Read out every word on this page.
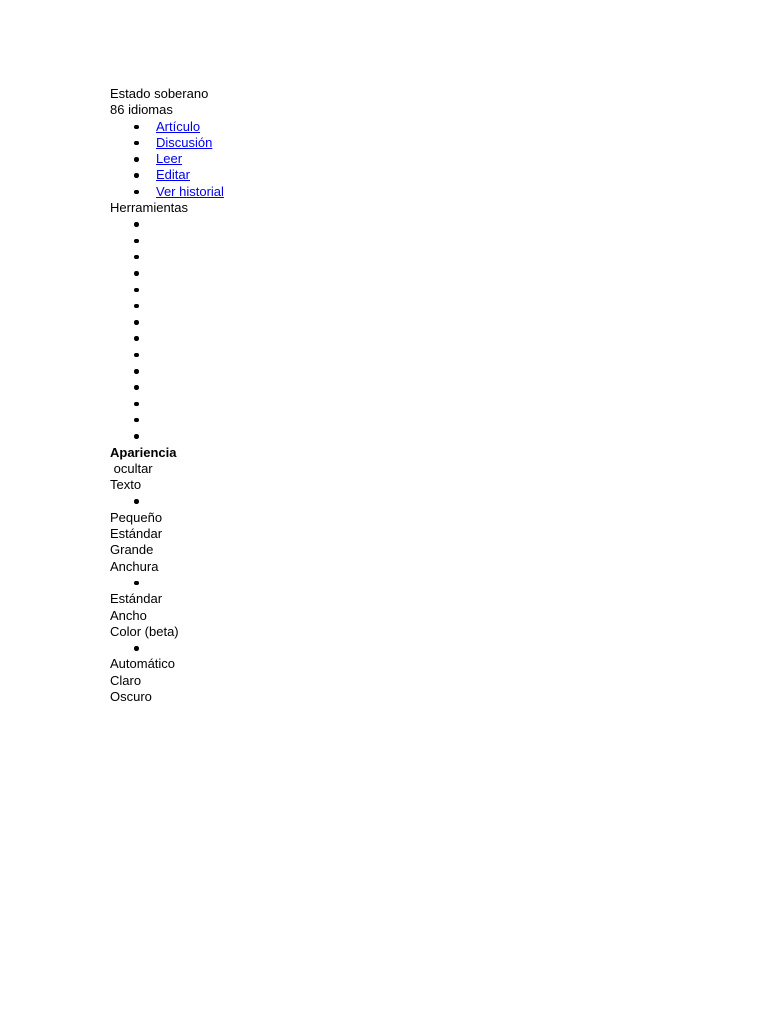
Estado soberano
86 idiomas
Artículo
Discusión
Leer
Editar
Ver historial
Herramientas
Apariencia
ocultar
Texto
Pequeño
Estándar
Grande
Anchura
Estándar
Ancho
Color (beta)
Automático
Claro
Oscuro
